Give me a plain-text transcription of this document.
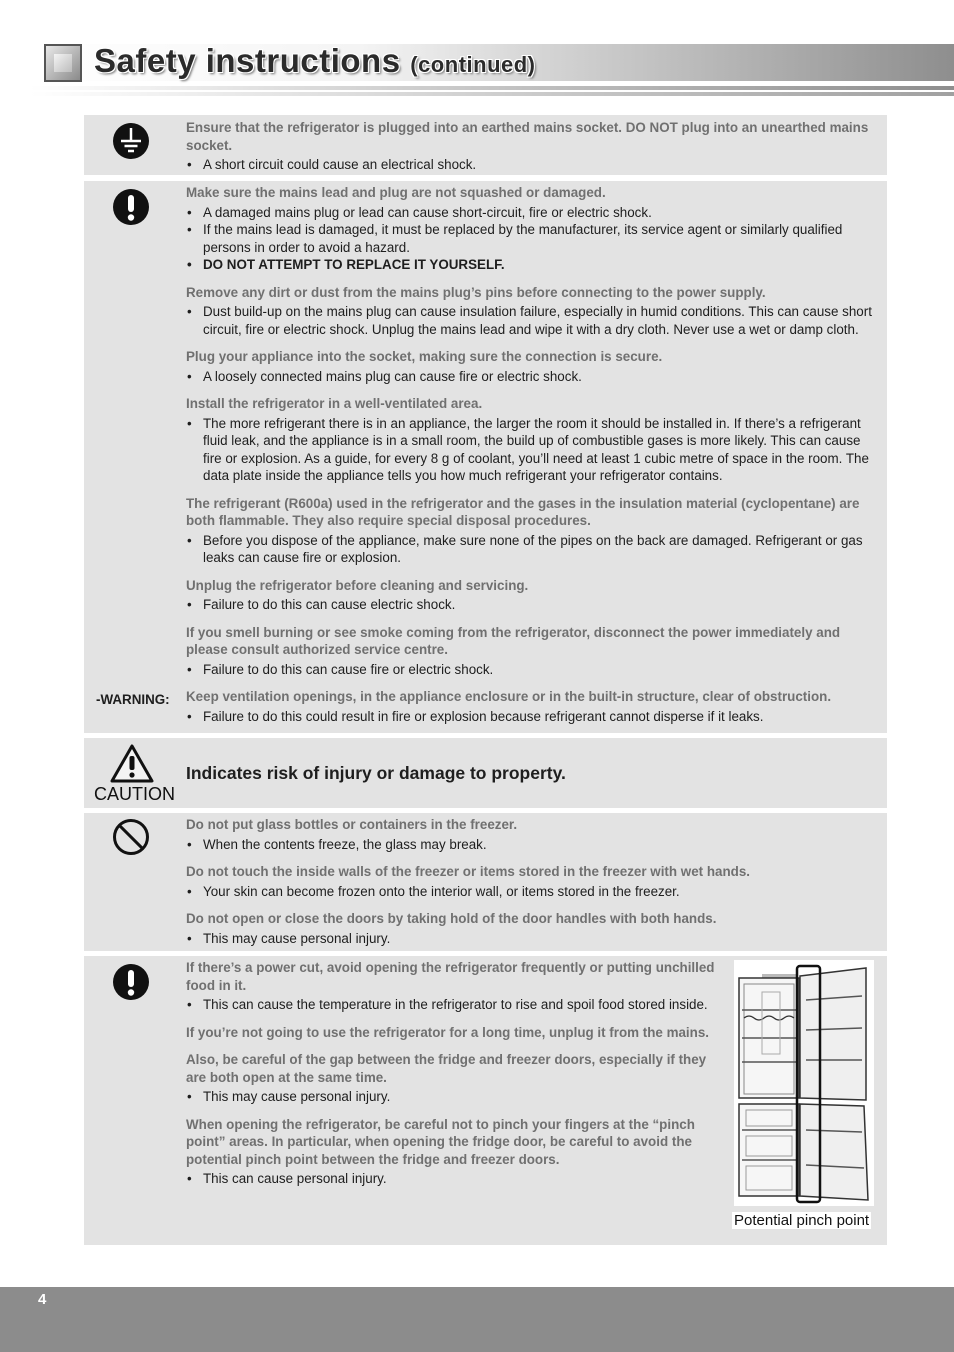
Safety instructions (continued)

Ensure that the refrigerator is plugged into an earthed mains socket. DO NOT plug into an unearthed mains socket.

• A short circuit could cause an electrical shock.

-WARNING:

Make sure the mains lead and plug are not squashed or damaged.

• A damaged mains plug or lead can cause short-circuit, fire or electric shock.

• If the mains lead is damaged, it must be replaced by the manufacturer, its service agent or similarly qualified persons in order to avoid a hazard.

• DO NOT ATTEMPT TO REPLACE IT YOURSELF.

Remove any dirt or dust from the mains plug’s pins before connecting to the power supply.

• Dust build-up on the mains plug can cause insulation failure, especially in humid conditions. This can cause short circuit, fire or electric shock. Unplug the mains lead and wipe it with a dry cloth. Never use a wet or damp cloth.

Plug your appliance into the socket, making sure the connection is secure.

• A loosely connected mains plug can cause fire or electric shock.

Install the refrigerator in a well-ventilated area.

• The more refrigerant there is in an appliance, the larger the room it should be installed in. If there’s a refrigerant fluid leak, and the appliance is in a small room, the build up of combustible gases is more likely. This can cause fire or explosion. As a guide, for every 8 g of coolant, you’ll need at least 1 cubic metre of space in the room. The data plate inside the appliance tells you how much refrigerant your refrigerator contains.

The refrigerant (R600a) used in the refrigerator and the gases in the insulation material (cyclopentane) are both flammable. They also require special disposal procedures.

• Before you dispose of the appliance, make sure none of the pipes on the back are damaged. Refrigerant or gas leaks can cause fire or explosion.

Unplug the refrigerator before cleaning and servicing.

• Failure to do this can cause electric shock.

If you smell burning or see smoke coming from the refrigerator, disconnect the power immediately and please consult authorized service centre.

• Failure to do this can cause fire or electric shock.

Keep ventilation openings, in the appliance enclosure or in the built-in structure, clear of obstruction.

• Failure to do this could result in fire or explosion because refrigerant cannot disperse if it leaks.

CAUTION
Indicates risk of injury or damage to property.

Do not put glass bottles or containers in the freezer.

• When the contents freeze, the glass may break.

Do not touch the inside walls of the freezer or items stored in the freezer with wet hands.

• Your skin can become frozen onto the interior wall, or items stored in the freezer.

Do not open or close the doors by taking hold of the door handles with both hands.

• This may cause personal injury.

If there’s a power cut, avoid opening the refrigerator frequently or putting unchilled food in it.

• This can cause the temperature in the refrigerator to rise and spoil food stored inside.

If you’re not going to use the refrigerator for a long time, unplug it from the mains.

Also, be careful of the gap between the fridge and freezer doors, especially if they are both open at the same time.

• This may cause personal injury.

When opening the refrigerator, be careful not to pinch your fingers at the “pinch point” areas. In particular, when opening the fridge door, be careful to avoid the potential pinch point between the fridge and freezer doors.

• This can cause personal injury.

Potential pinch point
4
